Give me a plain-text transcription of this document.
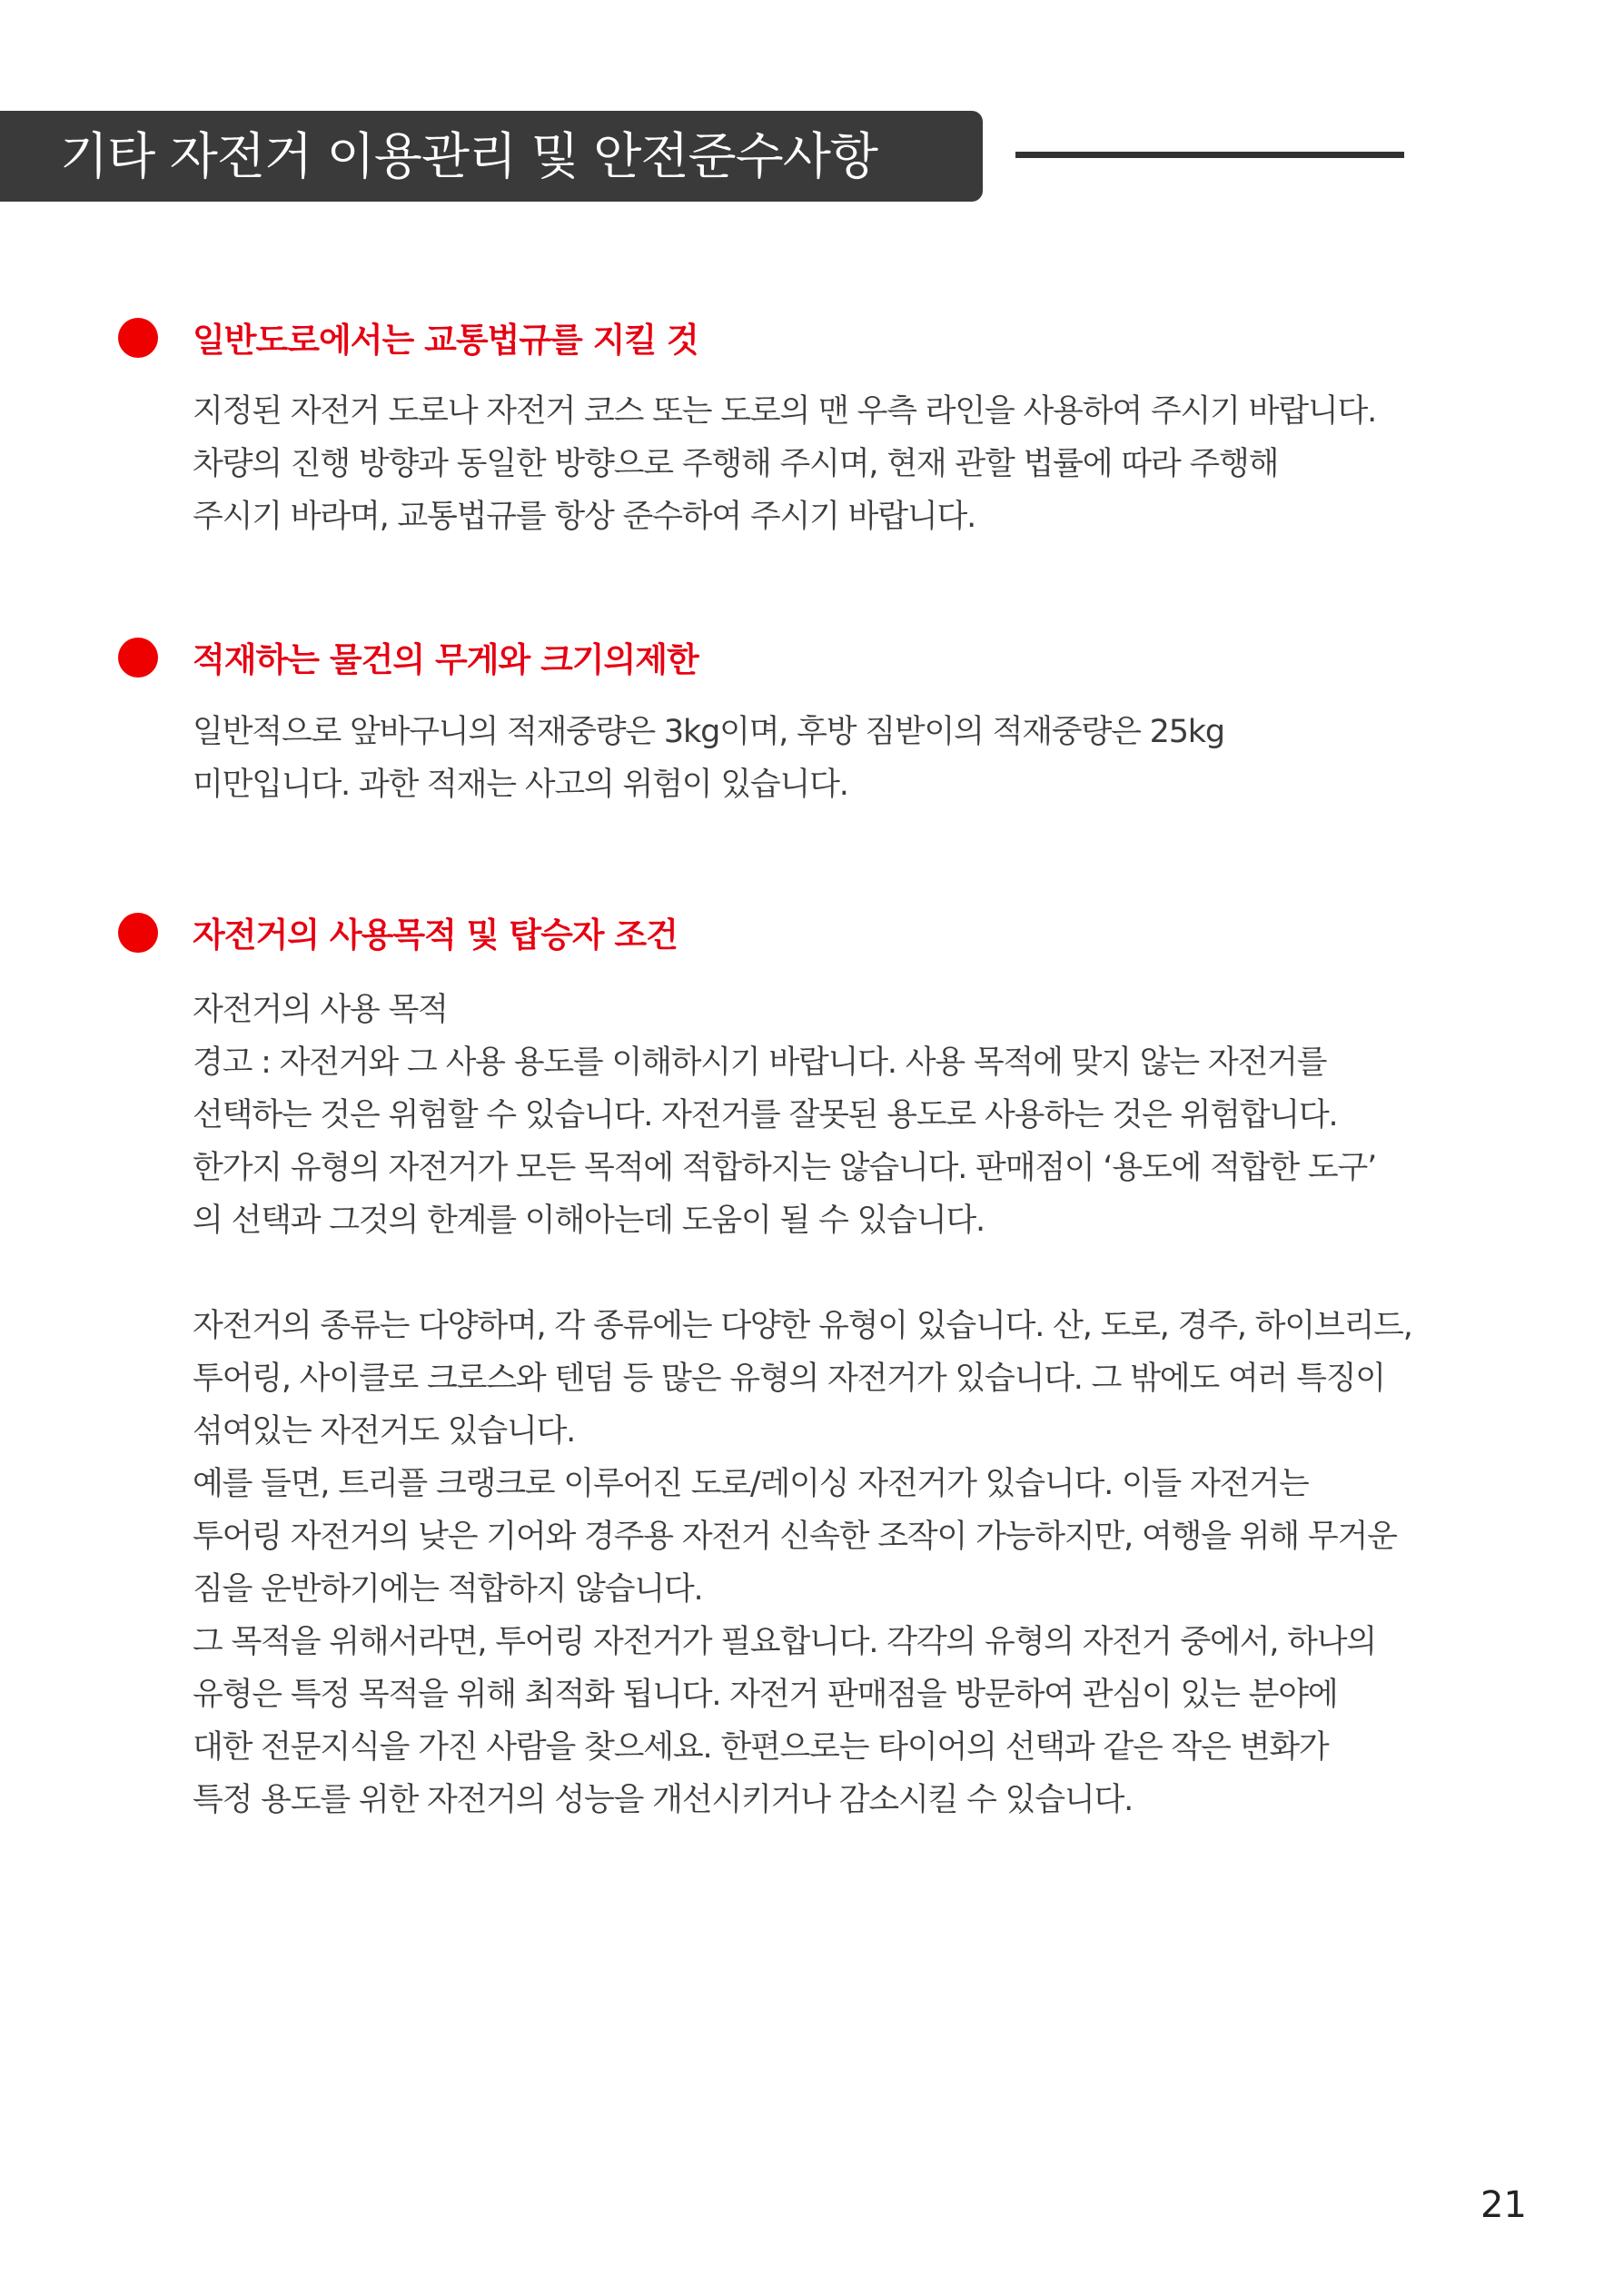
기타 자전거 이용관리 및 안전준수사항
일반도로에서는 교통법규를 지킬 것
지정된 자전거 도로나 자전거 코스 또는 도로의 맨 우측 라인을 사용하여 주시기 바랍니다.
차량의 진행 방향과 동일한 방향으로 주행해 주시며, 현재 관할 법률에 따라 주행해
주시기 바라며, 교통법규를 항상 준수하여 주시기 바랍니다.
적재하는 물건의 무게와 크기의제한
일반적으로 앞바구니의 적재중량은 3kg이며, 후방 짐받이의 적재중량은 25kg
미만입니다. 과한 적재는 사고의 위험이 있습니다.
자전거의 사용목적 및 탑승자 조건
자전거의 사용 목적
경고 : 자전거와 그 사용 용도를 이해하시기 바랍니다. 사용 목적에 맞지 않는 자전거를
선택하는 것은 위험할 수 있습니다. 자전거를 잘못된 용도로 사용하는 것은 위험합니다.
한가지 유형의 자전거가 모든 목적에 적합하지는 않습니다. 판매점이 ‘용도에 적합한 도구’
의 선택과 그것의 한계를 이해아는데 도움이 될 수 있습니다.
자전거의 종류는 다양하며, 각 종류에는 다양한 유형이 있습니다. 산, 도로, 경주, 하이브리드,
투어링, 사이클로 크로스와 텐덤 등 많은 유형의 자전거가 있습니다. 그 밖에도 여러 특징이
섞여있는 자전거도 있습니다.
예를 들면, 트리플 크랭크로 이루어진 도로/레이싱 자전거가 있습니다. 이들 자전거는
투어링 자전거의 낮은 기어와 경주용 자전거 신속한 조작이 가능하지만, 여행을 위해 무거운
짐을 운반하기에는 적합하지 않습니다.
그 목적을 위해서라면, 투어링 자전거가 필요합니다. 각각의 유형의 자전거 중에서, 하나의
유형은 특정 목적을 위해 최적화 됩니다. 자전거 판매점을 방문하여 관심이 있는 분야에
대한 전문지식을 가진 사람을 찾으세요. 한편으로는 타이어의 선택과 같은 작은 변화가
특정 용도를 위한 자전거의 성능을 개선시키거나 감소시킬 수 있습니다.
21
